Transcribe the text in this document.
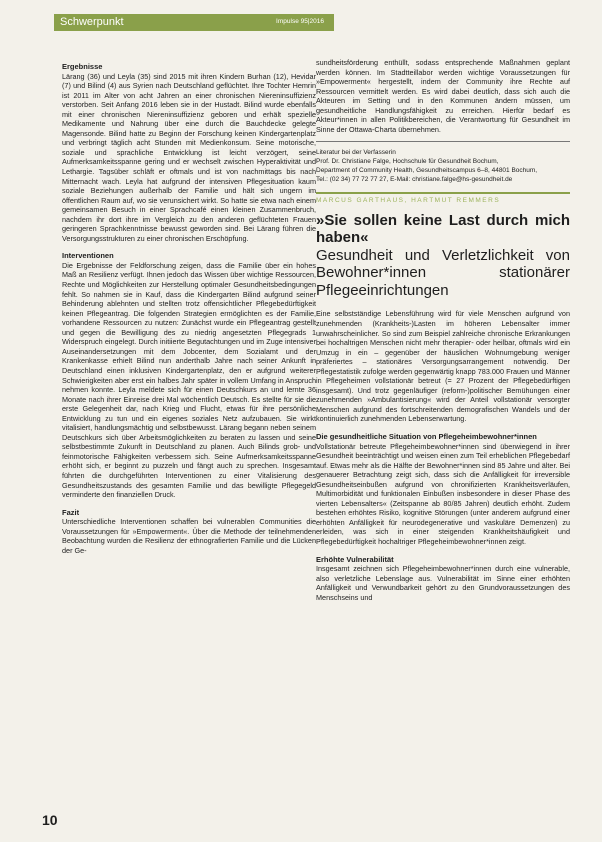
Schwerpunkt	Impulse 95|2016

Ergebnisse

Lärang (36) und Leyla (35) sind 2015 mit ihren Kindern Burhan (12), Hevidar (7) und Bilind (4) aus Syrien nach Deutschland geflüchtet. Ihre Tochter Hemrin ist 2011 im Alter von acht Jahren an einer chronischen Niereninsuffizienz verstorben. Seit Anfang 2016 leben sie in der Hustadt. Bilind wurde ebenfalls mit einer chronischen Niereninsuffizienz geboren und erhält spezielle Medikamente und Nahrung über eine durch die Bauchdecke gelegte Magensonde. Bilind hatte zu Beginn der Forschung keinen Kindergartenplatz und verbringt täglich acht Stunden mit Medienkonsum. Seine motorische, soziale und sprachliche Entwicklung ist leicht verzögert, seine Aufmerksamkeitsspanne gering und er wechselt zwischen Hyperaktivität und Lethargie. Tagsüber schläft er oftmals und ist von nachmittags bis nach Mitternacht wach. Leyla hat aufgrund der intensiven Pflegesituation kaum soziale Beziehungen außerhalb der Familie und hält sich ungern im öffentlichen Raum auf, wo sie verunsichert wirkt. So hatte sie etwa nach einem gemeinsamen Besuch in einer Sprachcafé einen kleinen Zusammenbruch, nachdem ihr dort ihre im Vergleich zu den anderen geflüchteten Frauen geringeren Sprachkenntnisse bewusst geworden sind. Bei Lärang führen die Versorgungsstrukturen zu einer chronischen Erschöpfung.

Interventionen

Die Ergebnisse der Feldforschung zeigen, dass die Familie über ein hohes Maß an Resilienz verfügt. Ihnen jedoch das Wissen über wichtige Ressourcen, Rechte und Möglichkeiten zur Herstellung optimaler Gesundheitsbedingungen fehlt. So nahmen sie in Kauf, dass die Kindergarten Bilind aufgrund seiner Behinderung ablehnten und stellten trotz offensichtlicher Pflegebedürftigkeit keinen Pflegeantrag. Die folgenden Strategien ermöglichten es der Familie, vorhandene Ressourcen zu nutzen: Zunächst wurde ein Pflegeantrag gestellt und gegen die Bewilligung des zu niedrig angesetzten Pflegegrads 1 Widerspruch eingelegt. Durch initiierte Begutachtungen und im Zuge intensiver Auseinandersetzungen mit dem Jobcenter, dem Sozialamt und der Krankenkasse erhielt Bilind nun anderthalb Jahre nach seiner Ankunft in Deutschland einen inklusiven Kindergartenplatz, den er aufgrund weiterer Schwierigkeiten aber erst ein halbes Jahr später in vollem Umfang in Anspruch nehmen konnte. Leyla meldete sich für einen Deutschkurs an und lernte 36 Monate nach ihrer Einreise drei Mal wöchentlich Deutsch. Es stellte für sie die erste Gelegenheit dar, nach Krieg und Flucht, etwas für ihre persönliche Entwicklung zu tun und ein eigenes soziales Netz aufzubauen. Sie wirkt vitalisiert, handlungsmächtig und selbstbewusst. Lärang begann neben seinem Deutschkurs sich über Arbeitsmöglichkeiten zu beraten zu lassen und seine selbstbestimmte Zukunft in Deutschland zu planen. Auch Bilinds grob- und feinmotorische Fähigkeiten verbessern sich. Seine Aufmerksamkeitsspanne erhöht sich, er beginnt zu puzzeln und fängt auch zu sprechen. Insgesamt führten die durchgeführten Interventionen zu einer Vitalisierung des Gesundheitszustands des gesamten Familie und das bewilligte Pflegegeld verminderte den finanziellen Druck.

Fazit

Unterschiedliche Interventionen schaffen bei vulnerablen Communities die Voraussetzungen für »Empowerment«. Über die Methode der teilnehmenden Beobachtung wurden die Resilienz der ethnografierten Familie und die Lücken der Ge-

sundheitsförderung enthüllt, sodass entsprechende Maßnahmen geplant werden können. Im Stadtteillabor werden wichtige Voraussetzungen für »Empowerment« hergestellt, indem der Community ihre Rechte auf Ressourcen vermittelt werden. Es wird dabei deutlich, dass sich auch die Akteuren im Setting und in den Kommunen ändern müssen, um gesundheitliche Handlungsfähigkeit zu erreichen. Hierfür bedarf es Akteur*innen in allen Politikbereichen, die Verantwortung für Gesundheit im Sinne der Ottawa-Charta übernehmen.

Literatur bei der Verfasserin

Prof. Dr. Christiane Falge, Hochschule für Gesundheit Bochum,

Department of Community Health, Gesundheitscampus 6–8, 44801 Bochum,

Tel.: (02 34) 77 72 77 27, E-Mail: christiane.falge@hs-gesundheit.de

MARCUS GARTHAUS, HARTMUT REMMERS

»Sie sollen keine Last durch mich haben«

Gesundheit und Verletzlichkeit von Bewohner*innen stationärer Pflegeeinrichtungen

Eine selbstständige Lebensführung wird für viele Menschen aufgrund von zunehmenden (Krankheits-)Lasten im höheren Lebensalter immer unwahrscheinlicher. So sind zum Beispiel zahlreiche chronische Erkrankungen bei hochaltrigen Menschen nicht mehr therapier- oder heilbar, oftmals wird ein Umzug in ein – gegenüber der häuslichen Wohnumgebung weniger präferiertes – stationäres Versorgungsarrangement notwendig. Der Pflegestatistik zufolge werden gegenwärtig knapp 783.000 Frauen und Männer in Pflegeheimen vollstationär betreut (= 27 Prozent der Pflegebedürftigen insgesamt). Und trotz gegenläufiger (reform-)politischer Bemühungen einer zunehmenden »Ambulantisierung« wird der Anteil vollstationär versorgter Menschen aufgrund des fortschreitenden demografischen Wandels und der kontinuierlich zunehmenden Lebenserwartung.

Die gesundheitliche Situation von Pflegeheimbewohner*innen

Vollstationär betreute Pflegeheimbewohner*innen sind überwiegend in ihrer Gesundheit beeinträchtigt und weisen einen zum Teil erheblichen Pflegebedarf auf. Etwas mehr als die Hälfte der Bewohner*innen sind 85 Jahre und älter. Bei genauerer Betrachtung zeigt sich, dass sich die Anfälligkeit für irreversible Gesundheitseinbußen aufgrund von chronifizierten Krankheitsverläufen, Multimorbidität und funktionalen Einbußen insbesondere in dieser Phase des vierten Lebensalters« (Zeitspanne ab 80/85 Jahren) deutlich erhöht. Zudem bestehen erhöhtes Risiko, kognitive Störungen (unter anderem aufgrund einer erhöhten Anfälligkeit für neurodegenerative und vaskuläre Demenzen) zu erleiden, was sich in einer steigenden Krankheitshäufigkeit und Pflegebedürftigkeit hochaltriger Pflegeheimbewohner*innen zeigt.

Erhöhte Vulnerabilität

Insgesamt zeichnen sich Pflegeheimbewohner*innen durch eine vulnerable, also verletzliche Lebenslage aus. Vulnerabilität im Sinne einer erhöhten Anfälligkeit und Verwundbarkeit gehört zu den Grundvoraussetzungen des Menschseins und

10
